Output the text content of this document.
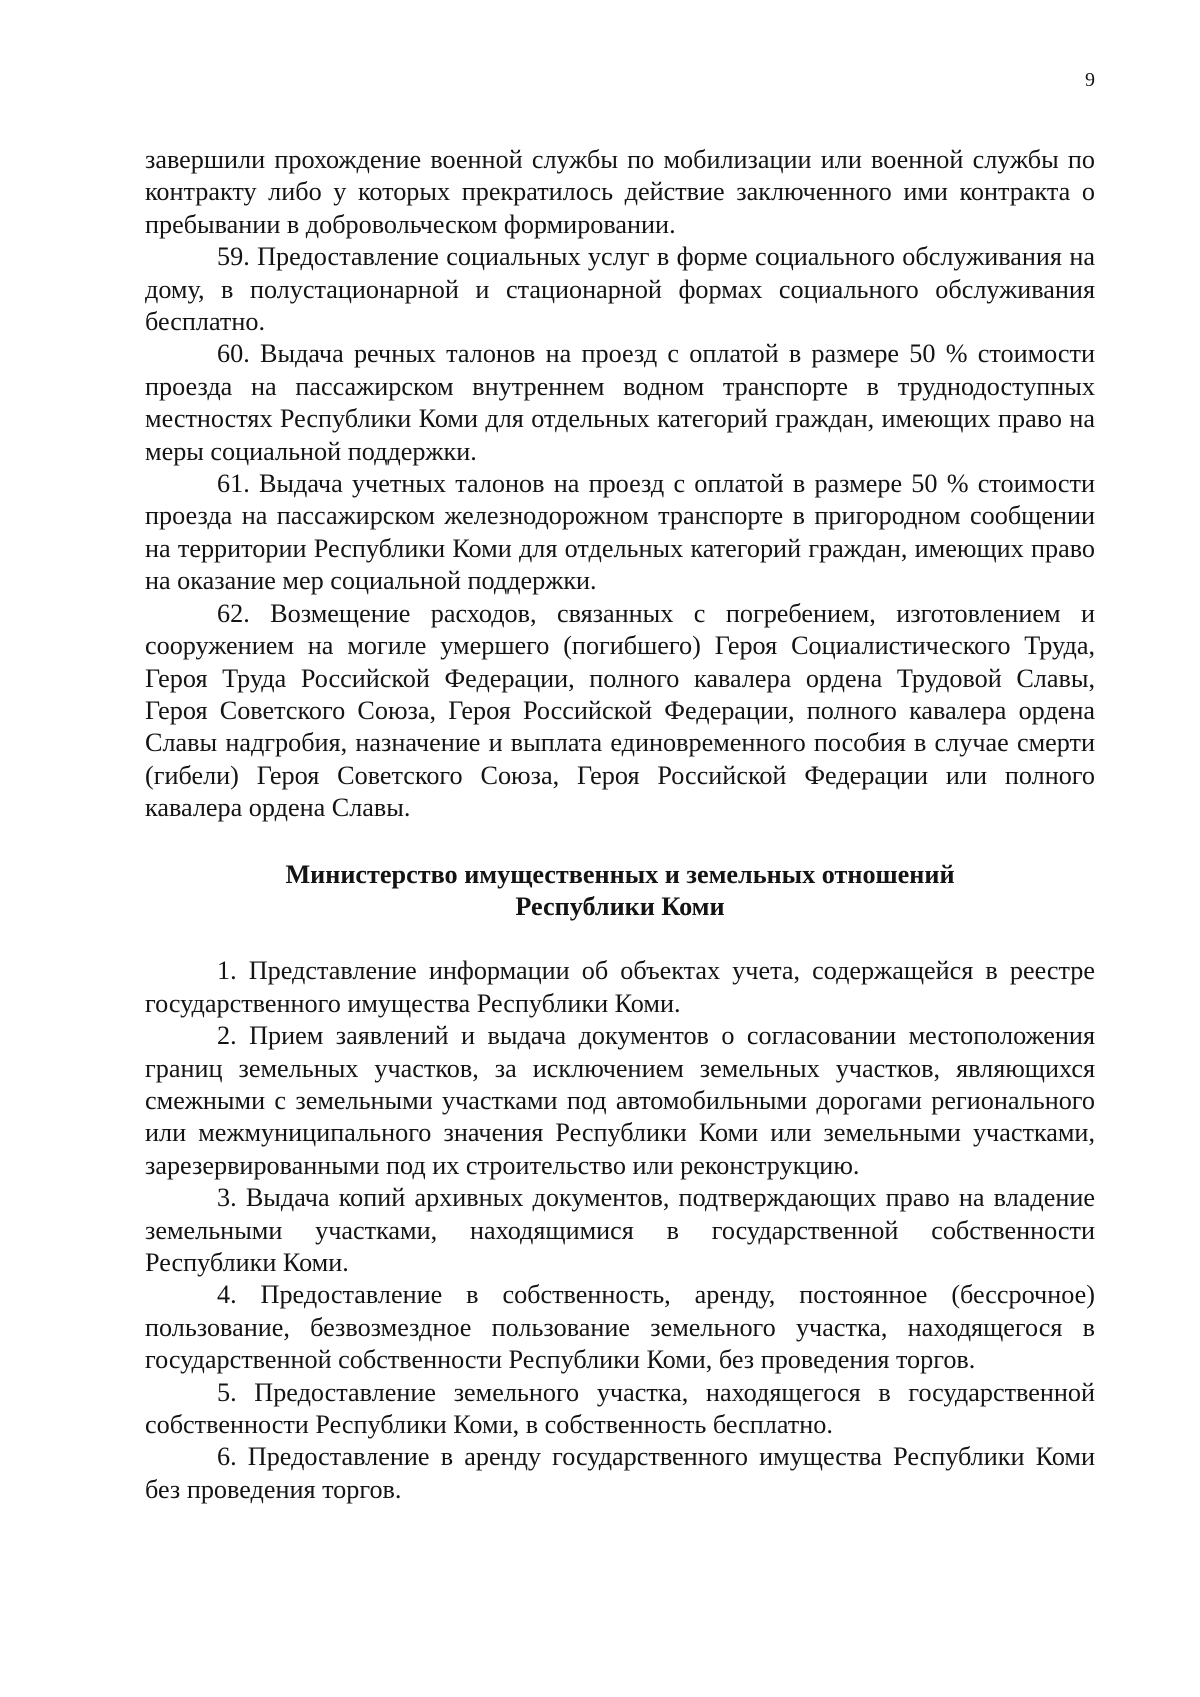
9

завершили прохождение военной службы по мобилизации или военной службы по контракту либо у которых прекратилось действие заключенного ими контракта о пребывании в добровольческом формировании.

59. Предоставление социальных услуг в форме социального обслуживания на дому, в полустационарной и стационарной формах социального обслуживания бесплатно.

60. Выдача речных талонов на проезд с оплатой в размере 50 % стоимости проезда на пассажирском внутреннем водном транспорте в труднодоступных местностях Республики Коми для отдельных категорий граждан, имеющих право на меры социальной поддержки.

61. Выдача учетных талонов на проезд с оплатой в размере 50 % стоимости проезда на пассажирском железнодорожном транспорте в пригородном сообщении на территории Республики Коми для отдельных категорий граждан, имеющих право на оказание мер социальной поддержки.

62. Возмещение расходов, связанных с погребением, изготовлением и сооружением на могиле умершего (погибшего) Героя Социалистического Труда, Героя Труда Российской Федерации, полного кавалера ордена Трудовой Славы, Героя Советского Союза, Героя Российской Федерации, полного кавалера ордена Славы надгробия, назначение и выплата единовременного пособия в случае смерти (гибели) Героя Советского Союза, Героя Российской Федерации или полного кавалера ордена Славы.

Министерство имущественных и земельных отношений
Республики Коми

1. Представление информации об объектах учета, содержащейся в реестре государственного имущества Республики Коми.

2. Прием заявлений и выдача документов о согласовании местоположения границ земельных участков, за исключением земельных участков, являющихся смежными с земельными участками под автомобильными дорогами регионального или межмуниципального значения Республики Коми или земельными участками, зарезервированными под их строительство или реконструкцию.

3. Выдача копий архивных документов, подтверждающих право на владение земельными участками, находящимися в государственной собственности Республики Коми.

4. Предоставление в собственность, аренду, постоянное (бессрочное) пользование, безвозмездное пользование земельного участка, находящегося в государственной собственности Республики Коми, без проведения торгов.

5. Предоставление земельного участка, находящегося в государственной собственности Республики Коми, в собственность бесплатно.

6. Предоставление в аренду государственного имущества Республики Коми без проведения торгов.
